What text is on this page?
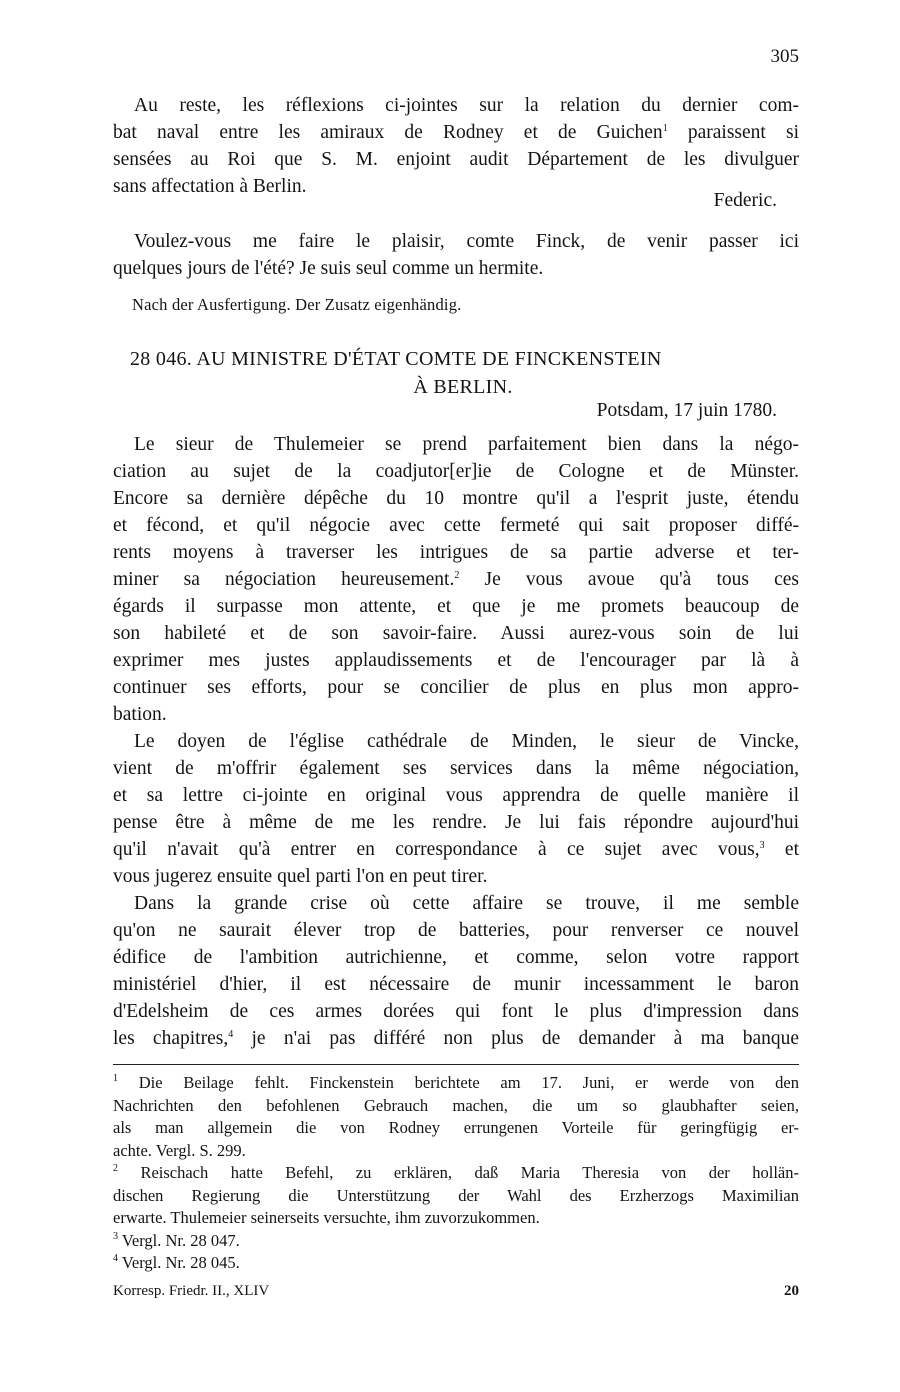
305
Au reste, les réflexions ci-jointes sur la relation du dernier com-
bat naval entre les amiraux de Rodney et de Guichen$^1$ paraissent si
sensées au Roi que S. M. enjoint audit Département de les divulguer
sans affectation à Berlin.
Federic.
Voulez-vous me faire le plaisir, comte Finck, de venir passer ici
quelques jours de l'été? Je suis seul comme un hermite.
Nach der Ausfertigung. Der Zusatz eigenhändig.
28 046. AU MINISTRE D'ÉTAT COMTE DE FINCKENSTEIN
À BERLIN.
Potsdam, 17 juin 1780.
Le sieur de Thulemeier se prend parfaitement bien dans la négo-
ciation au sujet de la coadjutor[er]ie de Cologne et de Münster.
Encore sa dernière dépêche du 10 montre qu'il a l'esprit juste, étendu
et fécond, et qu'il négocie avec cette fermeté qui sait proposer diffé-
rents moyens à traverser les intrigues de sa partie adverse et ter-
miner sa négociation heureusement.$^2$ Je vous avoue qu'à tous ces
égards il surpasse mon attente, et que je me promets beaucoup de
son habileté et de son savoir-faire. Aussi aurez-vous soin de lui
exprimer mes justes applaudissements et de l'encourager par là à
continuer ses efforts, pour se concilier de plus en plus mon appro-
bation.
Le doyen de l'église cathédrale de Minden, le sieur de Vincke,
vient de m'offrir également ses services dans la même négociation,
et sa lettre ci-jointe en original vous apprendra de quelle manière il
pense être à même de me les rendre. Je lui fais répondre aujourd'hui
qu'il n'avait qu'à entrer en correspondance à ce sujet avec vous,$^3$ et
vous jugerez ensuite quel parti l'on en peut tirer.
Dans la grande crise où cette affaire se trouve, il me semble
qu'on ne saurait élever trop de batteries, pour renverser ce nouvel
édifice de l'ambition autrichienne, et comme, selon votre rapport
ministériel d'hier, il est nécessaire de munir incessamment le baron
d'Edelsheim de ces armes dorées qui font le plus d'impression dans
les chapitres,$^4$ je n'ai pas différé non plus de demander à ma banque
$^1$ Die Beilage fehlt. Finckenstein berichtete am 17. Juni, er werde von den
Nachrichten den befohlenen Gebrauch machen, die um so glaubhafter seien,
als man allgemein die von Rodney errungenen Vorteile für geringfügig er-
achte. Vergl. S. 299.
$^2$ Reischach hatte Befehl, zu erklären, daß Maria Theresia von der hollän-
dischen Regierung die Unterstützung der Wahl des Erzherzogs Maximilian
erwarte. Thulemeier seinerseits versuchte, ihm zuvorzukommen.
$^3$ Vergl. Nr. 28 047.
$^4$ Vergl. Nr. 28 045.
Korresp. Friedr. II., XLIV	20
